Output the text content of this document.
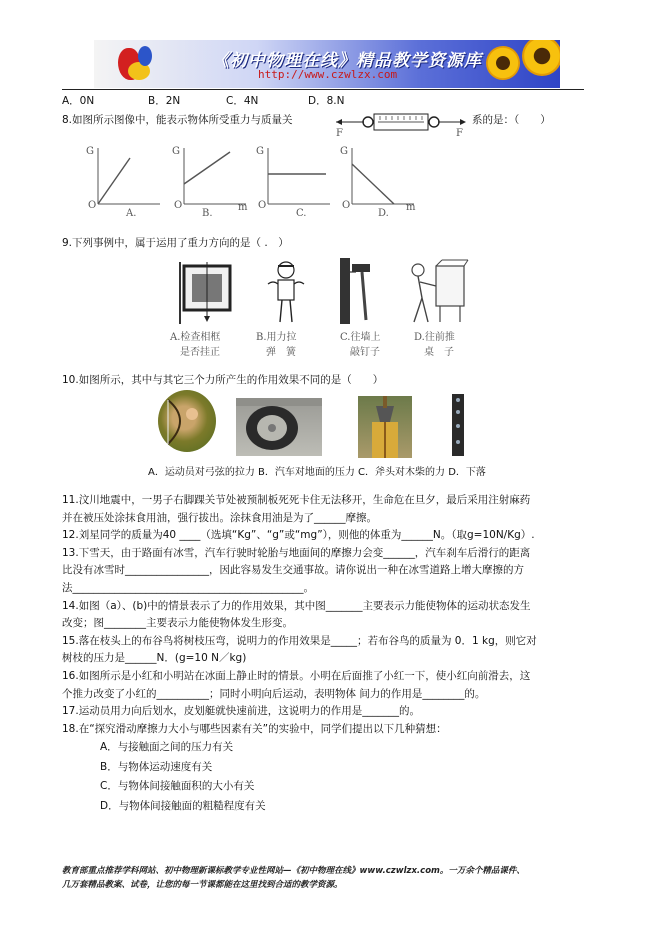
《初中物理在线》精品教学资源库
http://www.czwlzx.com
A．0N	B．2N	C．4N	D．8.N
8.如图所示图像中，能表示物体所受重力与质量关	系的是：（　　）
F	F
G
O
A.
G
O	m
B.
G
O
C.
G
O	m
D.
9.下列事例中，属于运用了重力方向的是（ .　）
A.检查相框
是否挂正
B.用力拉
弹　簧
C.往墙上
敲钉子
D.往前推
桌　子
10.如图所示，其中与其它三个力所产生的作用效果不同的是（　　）
A．运动员对弓弦的拉力 B．汽车对地面的压力 C．斧头对木柴的力 D．下落
11.汶川地震中，一男子右脚踝关节处被预制板死死卡住无法移开，生命危在旦夕，最后采用注射麻药
并在被压处涂抹食用油，强行拔出。涂抹食用油是为了______摩擦。
12.刘星同学的质量为40 ____（选填“Kg”、“g”或“mg”），则他的体重为______N。（取g=10N/Kg）.
13.下雪天，由于路面有冰雪，汽车行驶时轮胎与地面间的摩擦力会变______，汽车刹车后滑行的距离
比没有冰雪时________________，因此容易发生交通事故。请你说出一种在冰雪道路上增大摩擦的方
法____________________________________________。
14.如图（a）、(b)中的情景表示了力的作用效果，其中图_______主要表示力能使物体的运动状态发生
改变；图________主要表示力能使物体发生形变。
15.落在枝头上的布谷鸟将树枝压弯，说明力的作用效果是_____；若布谷鸟的质量为 0．1 kg，则它对
树枝的压力是______N．(g=10 N／kg)
16.如图所示是小红和小明站在冰面上静止时的情景。小明在后面推了小红一下，使小红向前滑去，这
个推力改变了小红的__________；同时小明向后运动，表明物体 间力的作用是________的。
17.运动员用力向后划水，皮划艇就快速前进，这说明力的作用是_______的。
18.在“探究滑动摩擦力大小与哪些因素有关”的实验中，同学们提出以下几种猜想：
A．与接触面之间的压力有关
B．与物体运动速度有关
C．与物体间接触面积的大小有关
D．与物体间接触面的粗糙程度有关
教育部重点推荐学科网站、初中物理新课标教学专业性网站—《初中物理在线》www.czwlzx.com。一万余个精品课件、
几万套精品教案、试卷，让您的每一节课都能在这里找到合适的教学资源。
